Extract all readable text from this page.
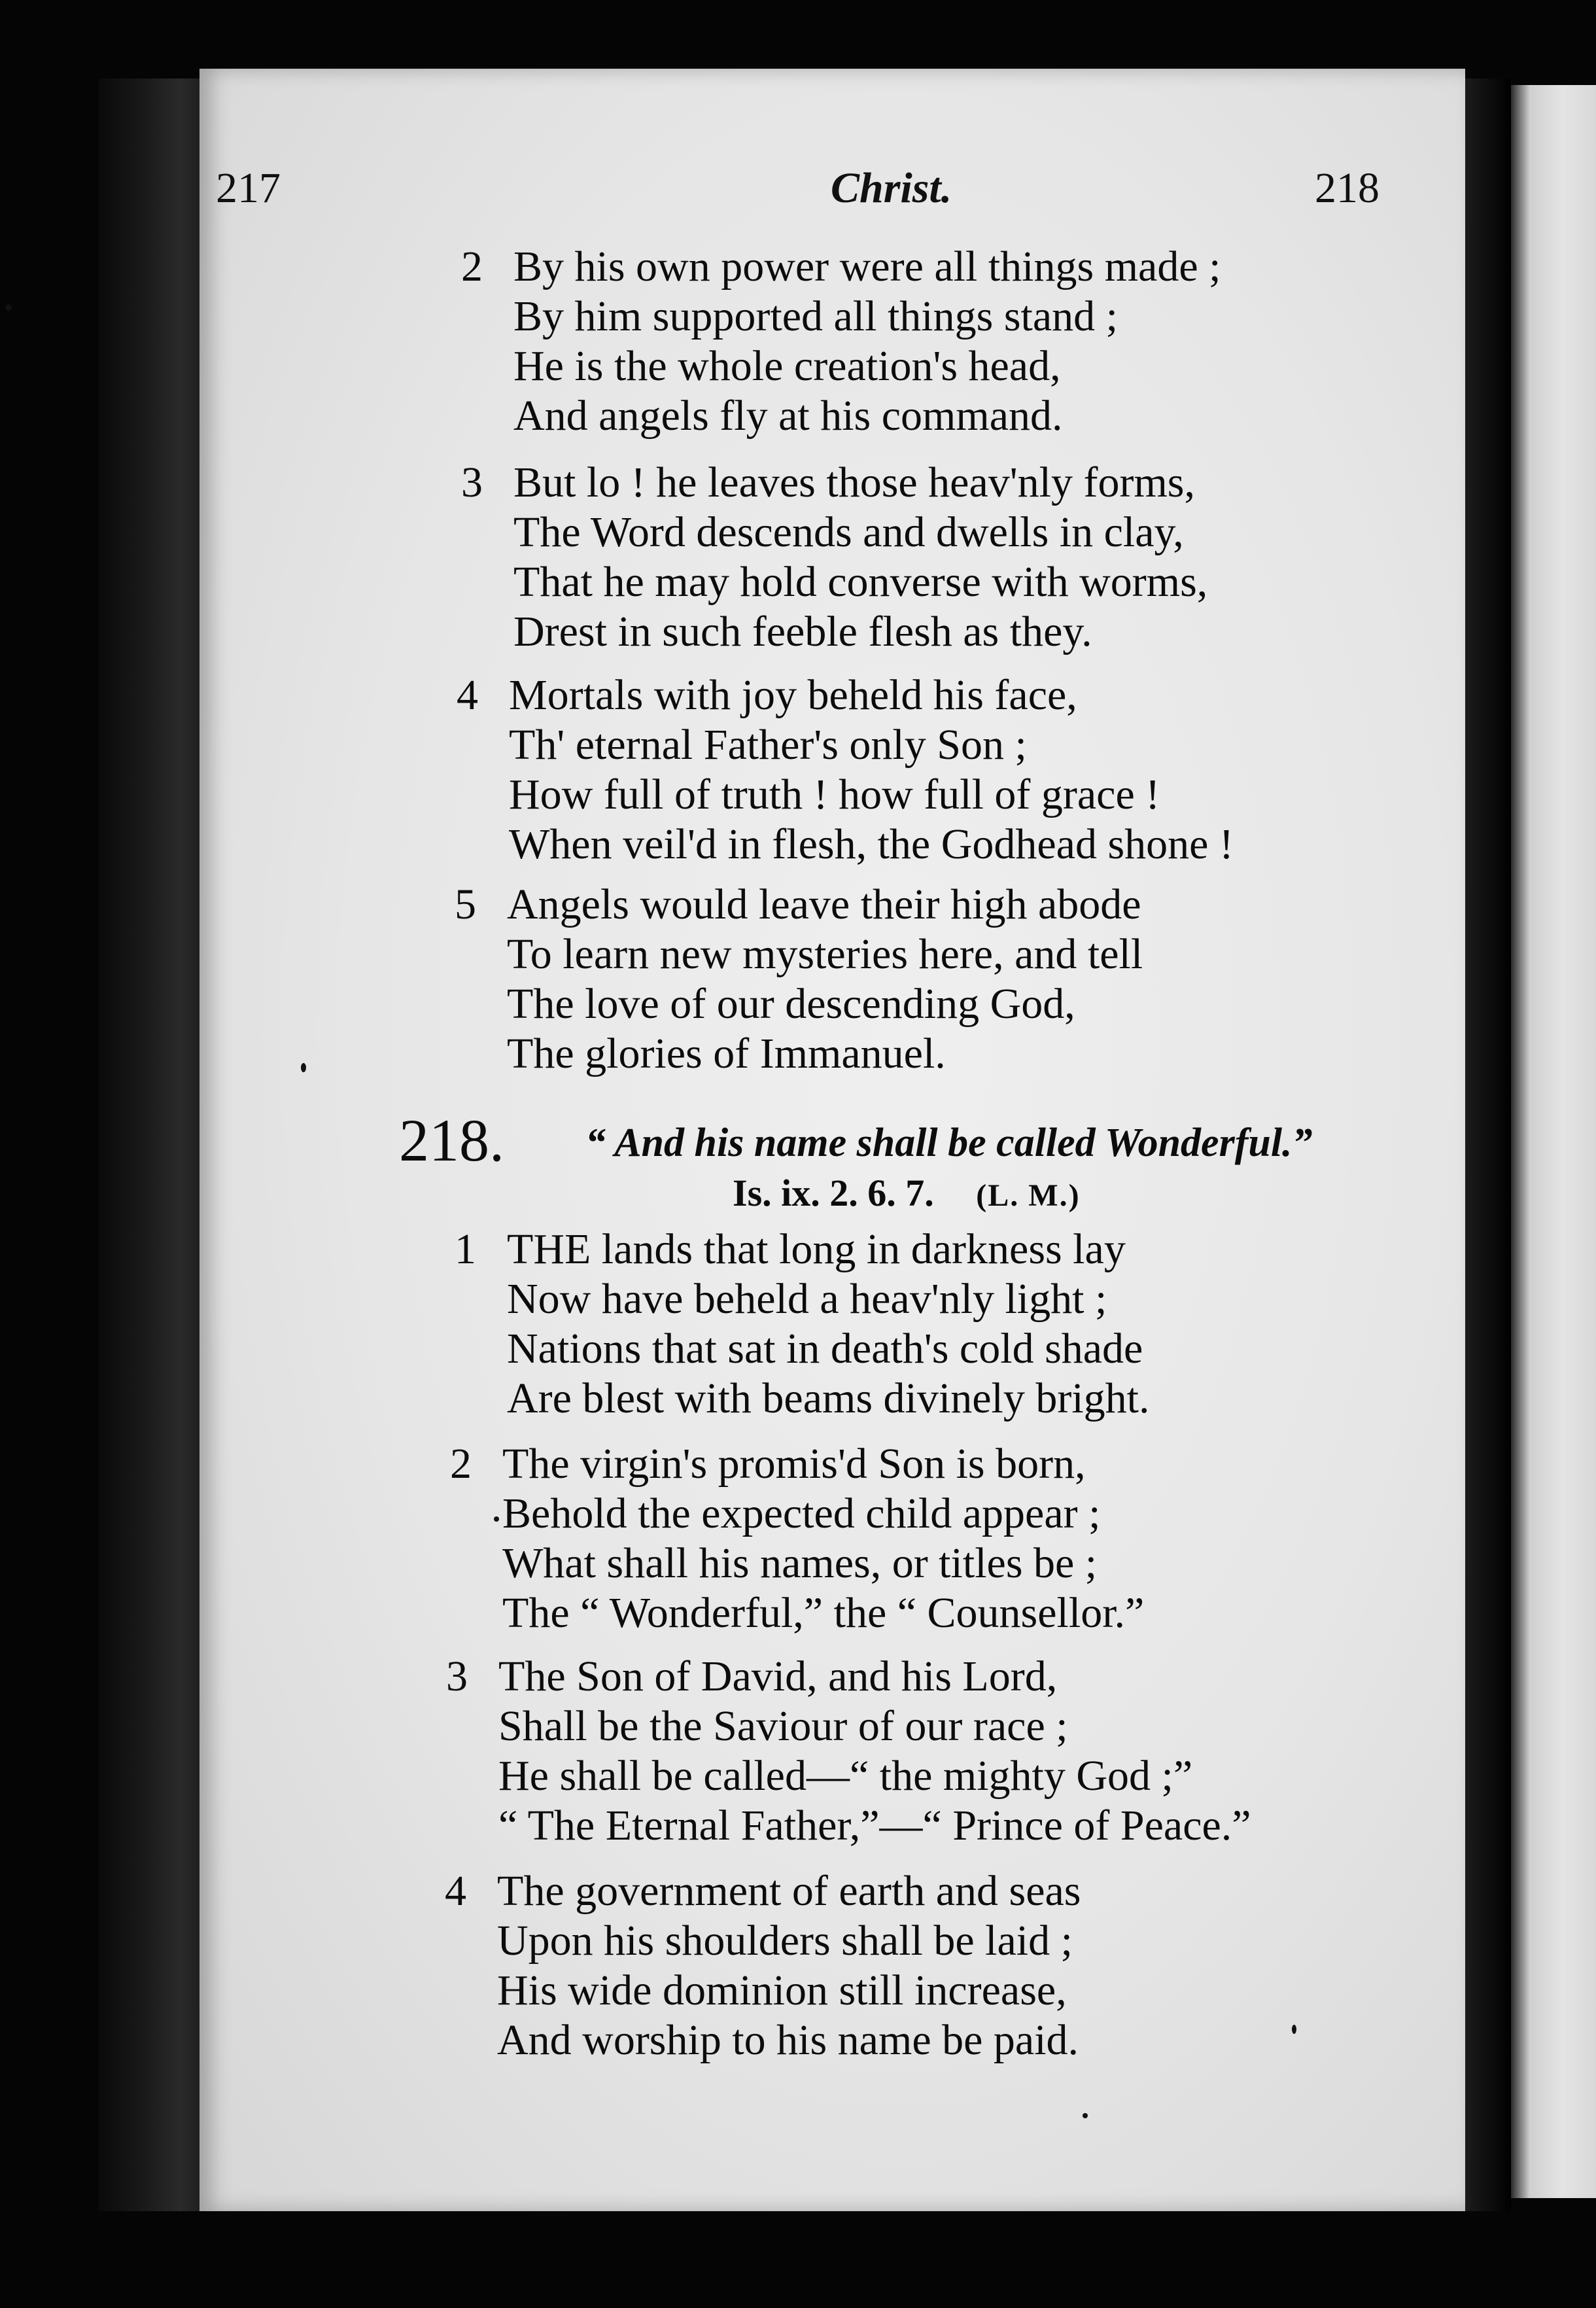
217	Christ.	218
2 By his own power were all things made ;
By him supported all things stand ;
He is the whole creation's head,
And angels fly at his command.
3 But lo ! he leaves those heav'nly forms,
The Word descends and dwells in clay,
That he may hold converse with worms,
Drest in such feeble flesh as they.
4 Mortals with joy beheld his face,
Th' eternal Father's only Son ;
How full of truth ! how full of grace !
When veil'd in flesh, the Godhead shone !
5 Angels would leave their high abode
To learn new mysteries here, and tell
The love of our descending God,
The glories of Immanuel.
218. “ And his name shall be called Wonderful.”
Is. ix. 2. 6. 7. (L. M.)
1 THE lands that long in darkness lay
Now have beheld a heav'nly light ;
Nations that sat in death's cold shade
Are blest with beams divinely bright.
2 The virgin's promis'd Son is born,
Behold the expected child appear ;
What shall his names, or titles be ;
The “ Wonderful,” the “ Counsellor.”
3 The Son of David, and his Lord,
Shall be the Saviour of our race ;
He shall be called—“ the mighty God ;”
“ The Eternal Father,”—“ Prince of Peace.”
4 The government of earth and seas
Upon his shoulders shall be laid ;
His wide dominion still increase,
And worship to his name be paid.
